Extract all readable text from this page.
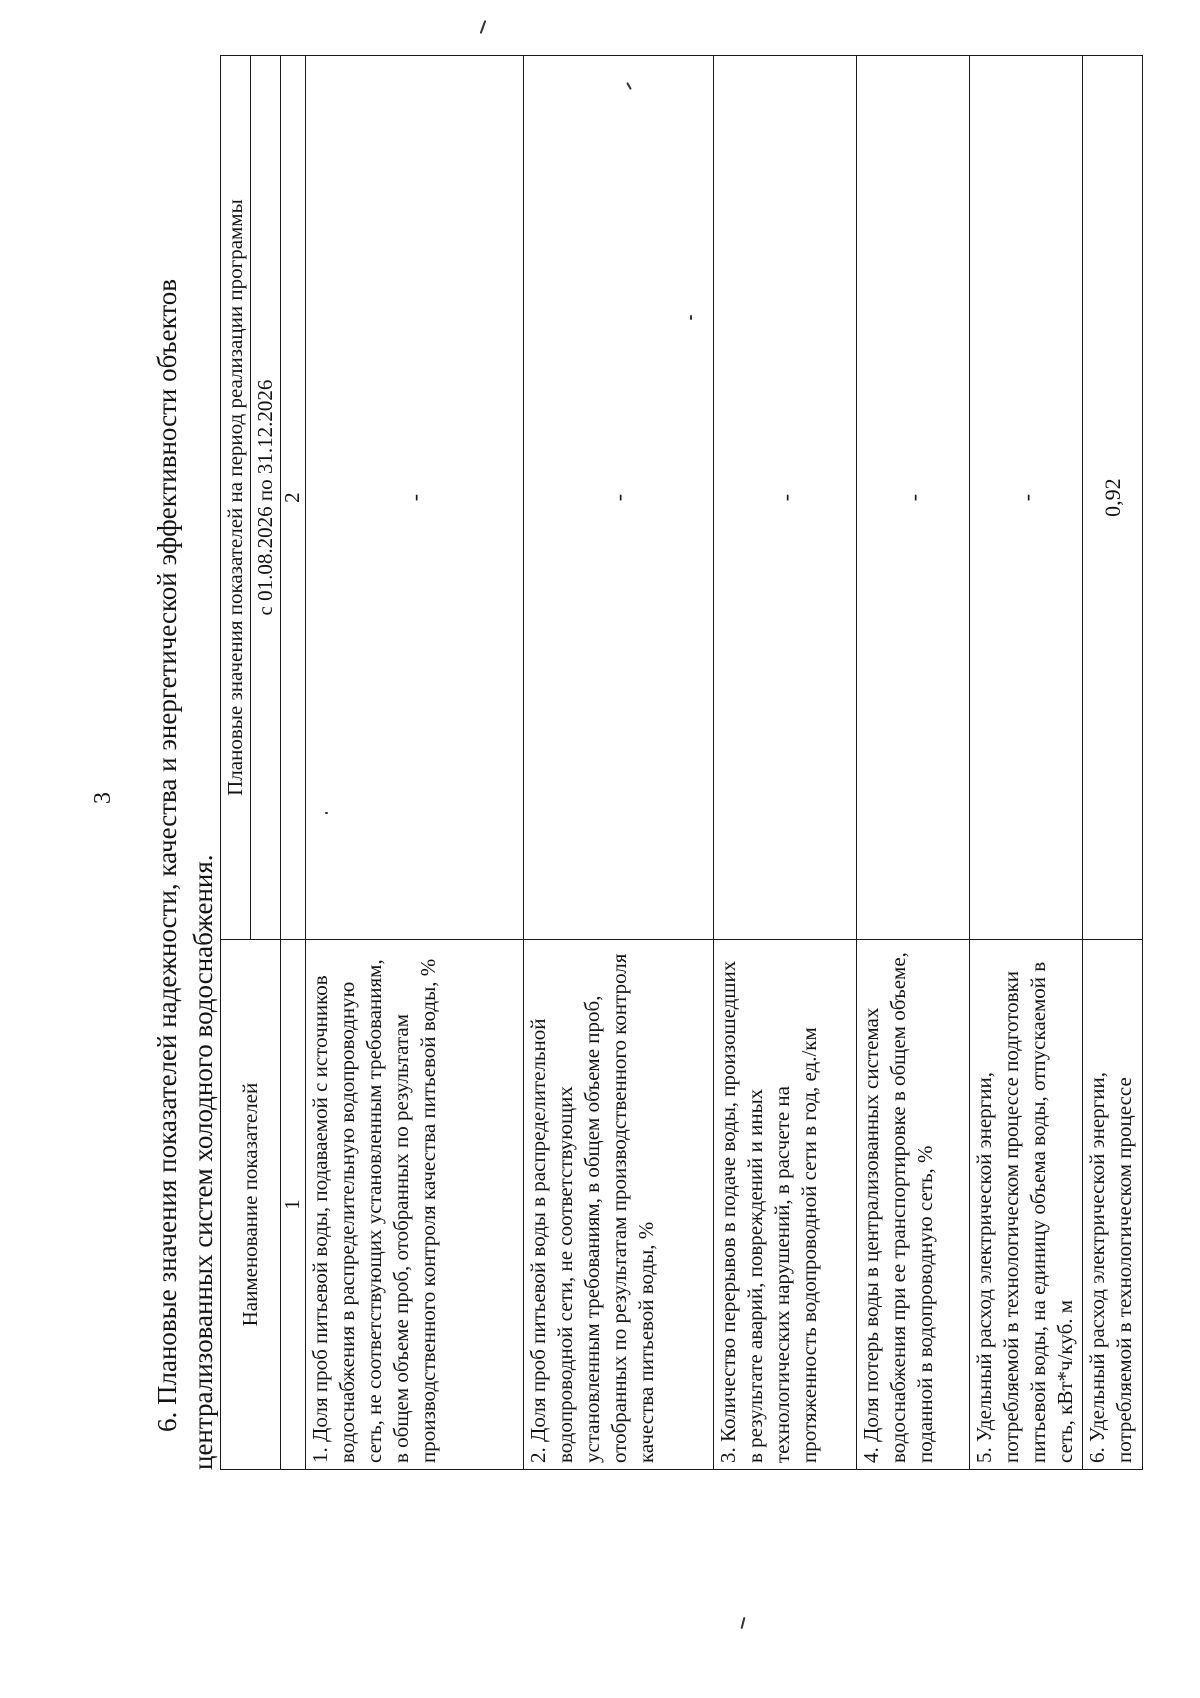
3 6. Плановые значения показателей надежности, качества и энергетической эффективности объектов централизованных систем холодного водоснабжения. Наименование показателей	Плановые значения показателей на период реализации программы
	с 01.08.2026 по 31.12.2026
1	2
1. Доля проб питьевой воды, подаваемой с источников водоснабжения в распределительную водопроводную сеть, не соответствующих установленным требованиям, в общем объеме проб, отобранных по результатам производственного контроля качества питьевой воды, %	-
2. Доля проб питьевой воды в распределительной водопроводной сети, не соответствующих установленным требованиям, в общем объеме проб, отобранных по результатам производственного контроля качества питьевой воды, %	-
3. Количество перерывов в подаче воды, произошедших в результате аварий, повреждений и иных технологических нарушений, в расчете на протяженность водопроводной сети в год, ед./км	-
4. Доля потерь воды в централизованных системах водоснабжения при ее транспортировке в общем объеме, поданной в водопроводную сеть, %	-
5. Удельный расход электрической энергии, потребляемой в технологическом процессе подготовки питьевой воды, на единицу объема воды, отпускаемой в сеть, кВт*ч/куб. м	-
6. Удельный расход электрической энергии, потребляемой в технологическом процессе	0,92
